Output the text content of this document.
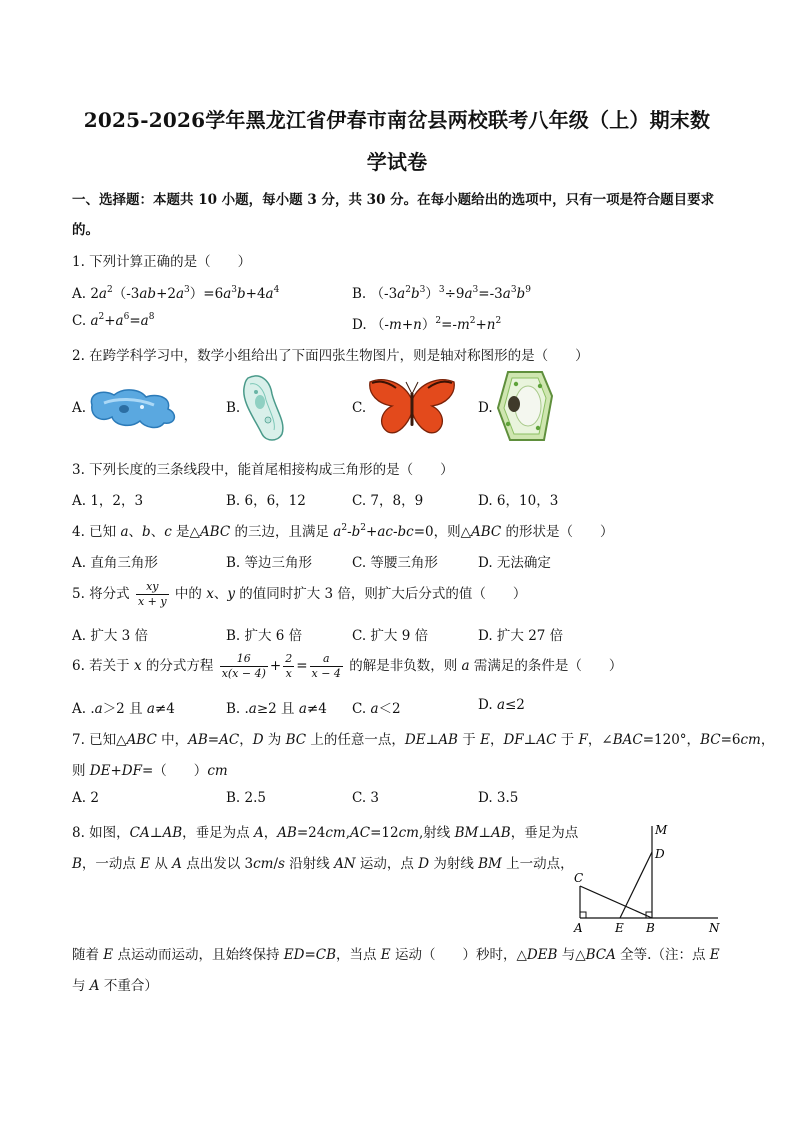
2025-2026学年黑龙江省伊春市南岔县两校联考八年级（上）期末数
学试卷
一、选择题：本题共 10 小题，每小题 3 分，共 30 分。在每小题给出的选项中，只有一项是符合题目要求
的。
1. 下列计算正确的是（　　）
A. $2a^2(-3ab+2a^3)=6a^3b+4a^4$	B. $(-3a^2b^3)^3\div 9a^3=-3a^3b^9$
C. $a^2+a^6=a^8$	D. $(-m+n)^2=-m^2+n^2$
2. 在跨学科学习中，数学小组给出了下面四张生物图片，则是轴对称图形的是（　　）
A.	B.	C.	D.
3. 下列长度的三条线段中，能首尾相接构成三角形的是（　　）
A. 1，2，3	B. 6，6，12	C. 7，8，9	D. 6，10，3
4. 已知 a、b、c 是△ABC 的三边，且满足 $a^2-b^2+ac-bc=0$，则△ABC 的形状是（　　）
A. 直角三角形	B. 等边三角形	C. 等腰三角形	D. 无法确定
5. 将分式 $\frac{xy}{x + y}$ 中的 x、y 的值同时扩大 3 倍，则扩大后分式的值（　　）
A. 扩大 3 倍	B. 扩大 6 倍	C. 扩大 9 倍	D. 扩大 27 倍
6. 若关于 x 的分式方程 $\frac{16}{x(x - 4)} + \frac{2}{x} = \frac{a}{x - 4}$ 的解是非负数，则 a 需满足的条件是（　　）
A. .a＞2 且 a≠4	B. .a≥2 且 a≠4 C. a＜2	D. a≤2
7. 已知△ABC 中，AB=AC，D 为 BC 上的任意一点，DE⊥AB 于 E，DF⊥AC 于 F，∠BAC=120°，BC=6cm，
则 DE+DF=（　　）cm
A. 2	B. 2.5	C. 3	D. 3.5
8. 如图，CA⊥AB，垂足为点 A，AB=24cm,AC=12cm,射线 BM⊥AB，垂足为点
B，一动点 E 从 A 点出发以 3cm/s 沿射线 AN 运动，点 D 为射线 BM 上一动点，
随着 E 点运动而运动，且始终保持 ED=CB，当点 E 运动（　　）秒时，△DEB 与△BCA 全等.（注：点 E
与 A 不重合）
M
D
C
A	E B	N
